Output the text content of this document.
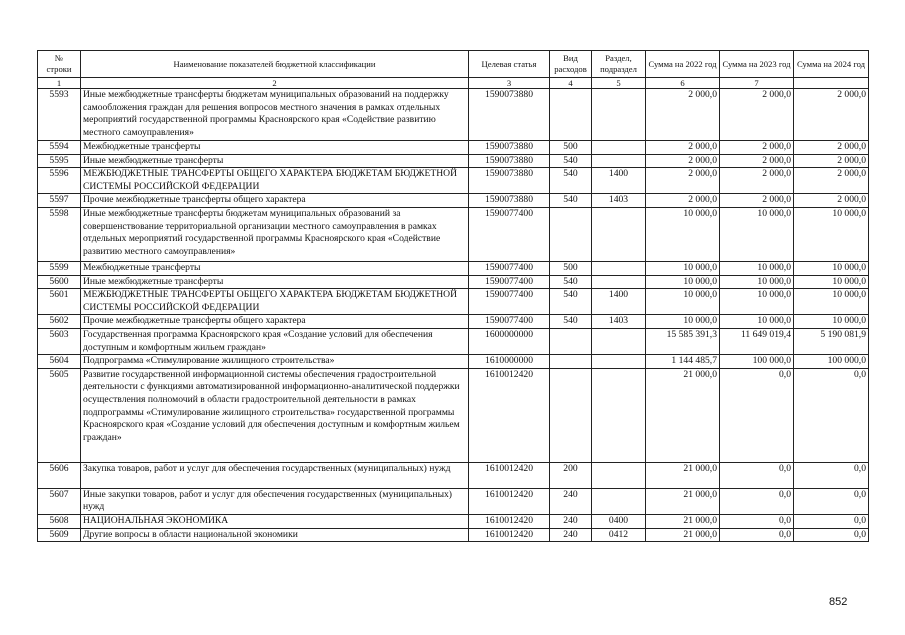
№
строки	Наименование показателей бюджетной классификации	Целевая статья	Вид расходов	Раздел, подраздел	Сумма на 2022 год	Сумма на 2023 год	Сумма на 2024 год
1	2	3	4	5	6	7	
5593	Иные межбюджетные трансферты бюджетам муниципальных образований на поддержку самообложения граждан для решения вопросов местного значения в рамках отдельных мероприятий государственной программы Красноярского края «Содействие развитию местного самоуправления»	1590073880			2 000,0	2 000,0	2 000,0
5594	Межбюджетные трансферты	1590073880	500		2 000,0	2 000,0	2 000,0
5595	Иные межбюджетные трансферты	1590073880	540		2 000,0	2 000,0	2 000,0
5596	МЕЖБЮДЖЕТНЫЕ ТРАНСФЕРТЫ ОБЩЕГО ХАРАКТЕРА БЮДЖЕТАМ БЮДЖЕТНОЙ СИСТЕМЫ РОССИЙСКОЙ ФЕДЕРАЦИИ	1590073880	540	1400	2 000,0	2 000,0	2 000,0
5597	Прочие межбюджетные трансферты общего характера	1590073880	540	1403	2 000,0	2 000,0	2 000,0
5598	Иные межбюджетные трансферты бюджетам муниципальных образований за совершенствование территориальной организации местного самоуправления в рамках отдельных мероприятий государственной программы Красноярского края «Содействие развитию местного самоуправления»	1590077400			10 000,0	10 000,0	10 000,0
5599	Межбюджетные трансферты	1590077400	500		10 000,0	10 000,0	10 000,0
5600	Иные межбюджетные трансферты	1590077400	540		10 000,0	10 000,0	10 000,0
5601	МЕЖБЮДЖЕТНЫЕ ТРАНСФЕРТЫ ОБЩЕГО ХАРАКТЕРА БЮДЖЕТАМ БЮДЖЕТНОЙ СИСТЕМЫ РОССИЙСКОЙ ФЕДЕРАЦИИ	1590077400	540	1400	10 000,0	10 000,0	10 000,0
5602	Прочие межбюджетные трансферты общего характера	1590077400	540	1403	10 000,0	10 000,0	10 000,0
5603	Государственная программа Красноярского края «Создание условий для обеспечения доступным и комфортным жильем граждан»	1600000000			15 585 391,3	11 649 019,4	5 190 081,9
5604	Подпрограмма «Стимулирование жилищного строительства»	1610000000			1 144 485,7	100 000,0	100 000,0
5605	Развитие государственной информационной системы обеспечения градостроительной деятельности с функциями автоматизированной информационно-аналитической поддержки осуществления полномочий в области градостроительной деятельности в рамках подпрограммы «Стимулирование жилищного строительства» государственной программы Красноярского края «Создание условий для обеспечения доступным и комфортным жильем граждан»	1610012420			21 000,0	0,0	0,0
5606	Закупка товаров, работ и услуг для обеспечения государственных (муниципальных) нужд	1610012420	200		21 000,0	0,0	0,0
5607	Иные закупки товаров, работ и услуг для обеспечения государственных (муниципальных) нужд	1610012420	240		21 000,0	0,0	0,0
5608	НАЦИОНАЛЬНАЯ ЭКОНОМИКА	1610012420	240	0400	21 000,0	0,0	0,0
5609	Другие вопросы в области национальной экономики	1610012420	240	0412	21 000,0	0,0	0,0
852
